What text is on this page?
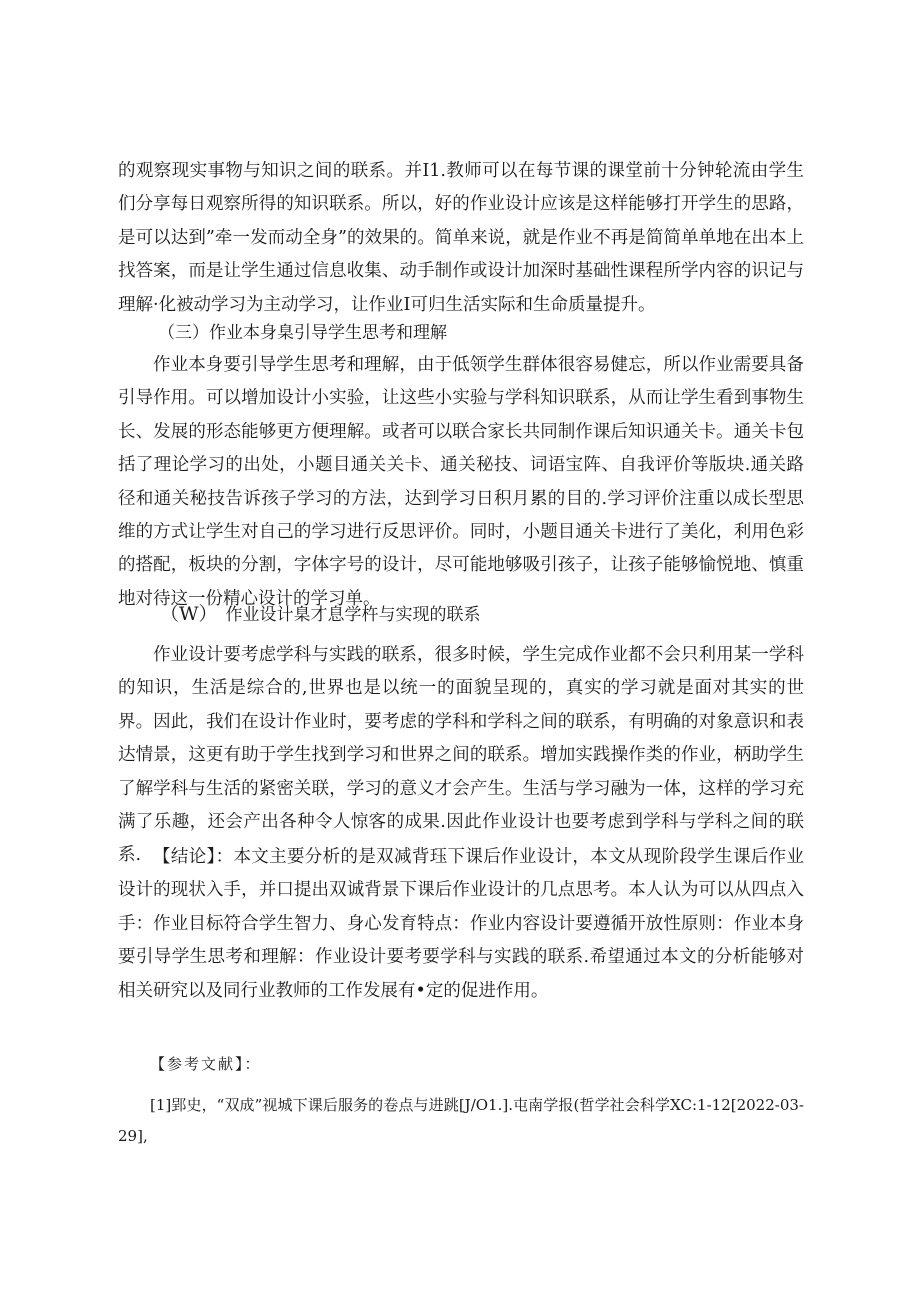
的观察现实事物与知识之间的联系。并I1.教师可以在每节课的课堂前十分钟轮流由学生们分享每日观察所得的知识联系。所以，好的作业设计应该是这样能够打开学生的思路，是可以达到”牵一发而动全身”的效果的。简单来说，就是作业不再是简简单单地在出本上找答案，而是让学生通过信息收集、动手制作或设计加深时基础性课程所学内容的识记与理解·化被动学习为主动学习，让作业I可归生活实际和生命质量提升。

（三）作业本身臬引导学生思考和理解

作业本身要引导学生思考和理解，由于低领学生群体很容易健忘，所以作业需要具备引导作用。可以增加设计小实验，让这些小实验与学科知识联系，从而让学生看到事物生长、发展的形态能够更方便理解。或者可以联合家长共同制作课后知识通关卡。通关卡包括了理论学习的出处，小题目通关关卡、通关秘技、词语宝阵、自我评价等版块.通关路径和通关秘技告诉孩子学习的方法，达到学习日积月累的目的.学习评价注重以成长型思维的方式让学生对自己的学习进行反思评价。同时，小题目通关卡进行了美化，利用色彩的搭配，板块的分割，字体字号的设计，尽可能地够吸引孩子，让孩子能够愉悦地、慎重地对待这一份精心设计的学习单。

（W） 作业设计臬才息学杵与实现的联系

作业设计要考虑学科与实践的联系，很多时候，学生完成作业都不会只利用某一学科的知识，生活是综合的,世界也是以统一的面貌呈现的，真实的学习就是面对其实的世界。因此，我们在设计作业时，要考虑的学科和学科之间的联系，有明确的对象意识和表达情景，这更有助于学生找到学习和世界之间的联系。增加实践操作类的作业，柄助学生了解学科与生活的紧密关联，学习的意义才会产生。生活与学习融为一体，这样的学习充满了乐趣，还会产出各种令人惊客的成果.因此作业设计也要考虑到学科与学科之间的联系. 【结论】：本文主要分析的是双减背珏下课后作业设计，本文从现阶段学生课后作业设计的现状入手，并口提出双诚背景下课后作业设计的几点思考。本人认为可以从四点入手：作业目标符合学生智力、身心发育特点：作业内容设计要遵循开放性原则：作业本身要引导学生思考和理解：作业设计要考要学科与实践的联系.希望通过本文的分析能够对相关研究以及同行业教师的工作发展有•定的促进作用。

【参考文献】：

[1]郢史，“双成”视城下课后服务的卷点与进跳[J/O1.].屯南学报(哲学社会科学XC:1-12[2022-03-29],
